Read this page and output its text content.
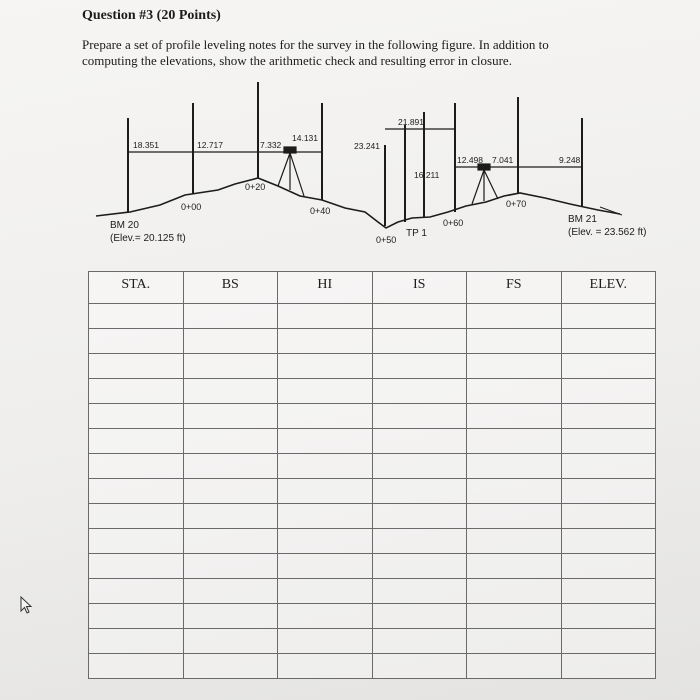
Question #3 (20 Points)
Prepare a set of profile leveling notes for the survey in the following figure. In addition to
computing the elevations, show the arithmetic check and resulting error in closure.
18.351	12.717	7.332
14.131
23.241
21.891
16.211
12.498 7.041	9.248
0+00
0+20
0+40
0+50
0+60
0+70
BM 20
(Elev.= 20.125 ft)	TP 1
BM 21
(Elev. = 23.562 ft)
STA.	BS	HI	IS	FS	ELEV.
